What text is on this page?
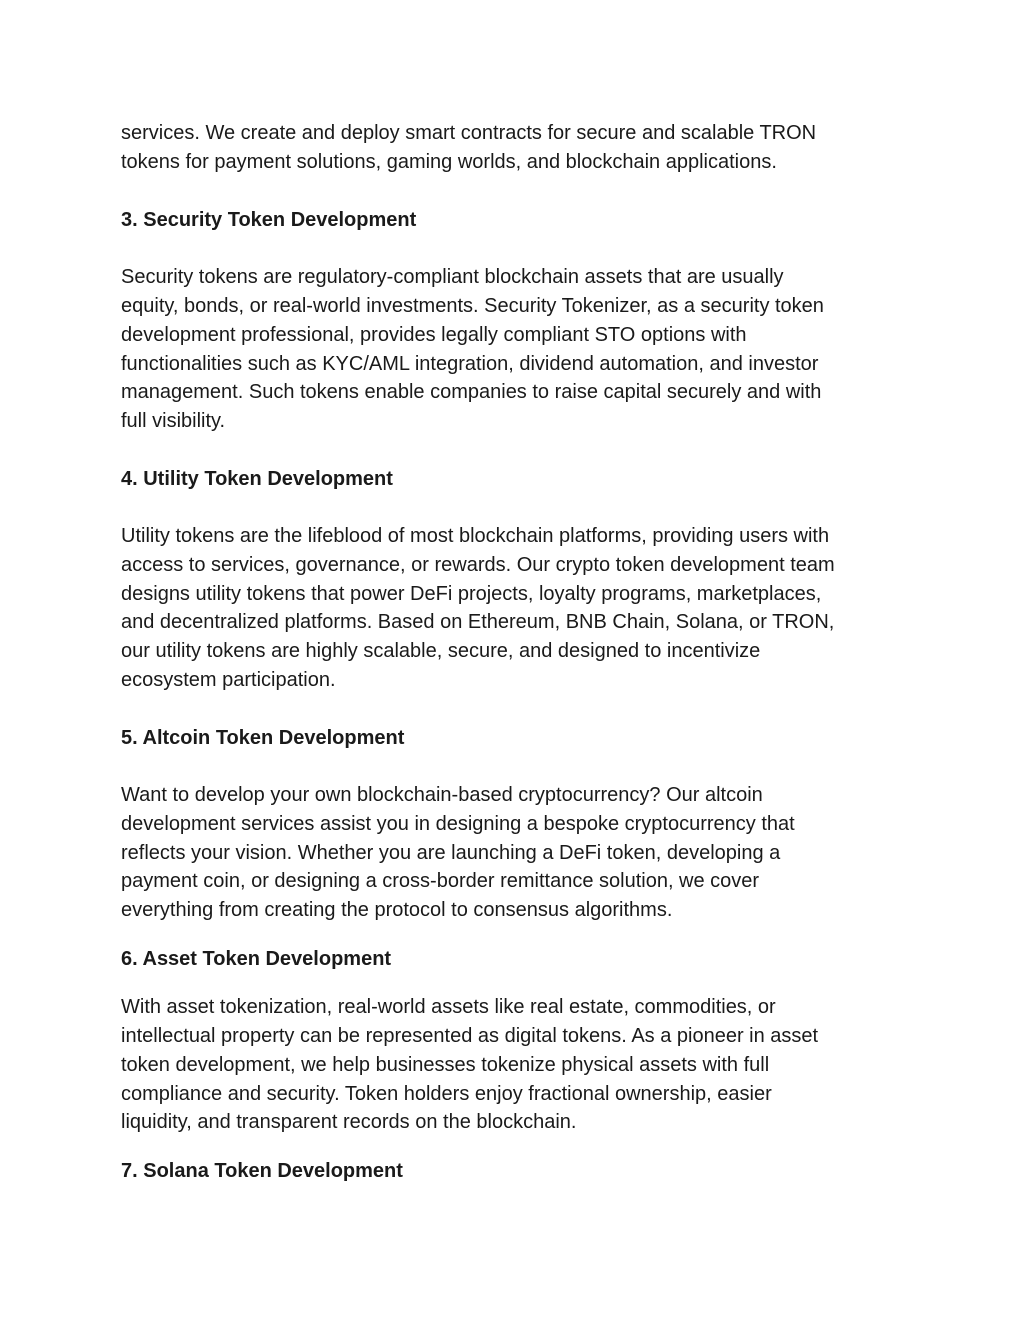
services. We create and deploy smart contracts for secure and scalable TRON
tokens for payment solutions, gaming worlds, and blockchain applications.
3. Security Token Development
Security tokens are regulatory-compliant blockchain assets that are usually
equity, bonds, or real-world investments. Security Tokenizer, as a security token
development professional, provides legally compliant STO options with
functionalities such as KYC/AML integration, dividend automation, and investor
management. Such tokens enable companies to raise capital securely and with
full visibility.
4. Utility Token Development
Utility tokens are the lifeblood of most blockchain platforms, providing users with
access to services, governance, or rewards. Our crypto token development team
designs utility tokens that power DeFi projects, loyalty programs, marketplaces,
and decentralized platforms. Based on Ethereum, BNB Chain, Solana, or TRON,
our utility tokens are highly scalable, secure, and designed to incentivize
ecosystem participation.
5. Altcoin Token Development
Want to develop your own blockchain-based cryptocurrency? Our altcoin
development services assist you in designing a bespoke cryptocurrency that
reflects your vision. Whether you are launching a DeFi token, developing a
payment coin, or designing a cross-border remittance solution, we cover
everything from creating the protocol to consensus algorithms.
6. Asset Token Development
With asset tokenization, real-world assets like real estate, commodities, or
intellectual property can be represented as digital tokens. As a pioneer in asset
token development, we help businesses tokenize physical assets with full
compliance and security. Token holders enjoy fractional ownership, easier
liquidity, and transparent records on the blockchain.
7. Solana Token Development
